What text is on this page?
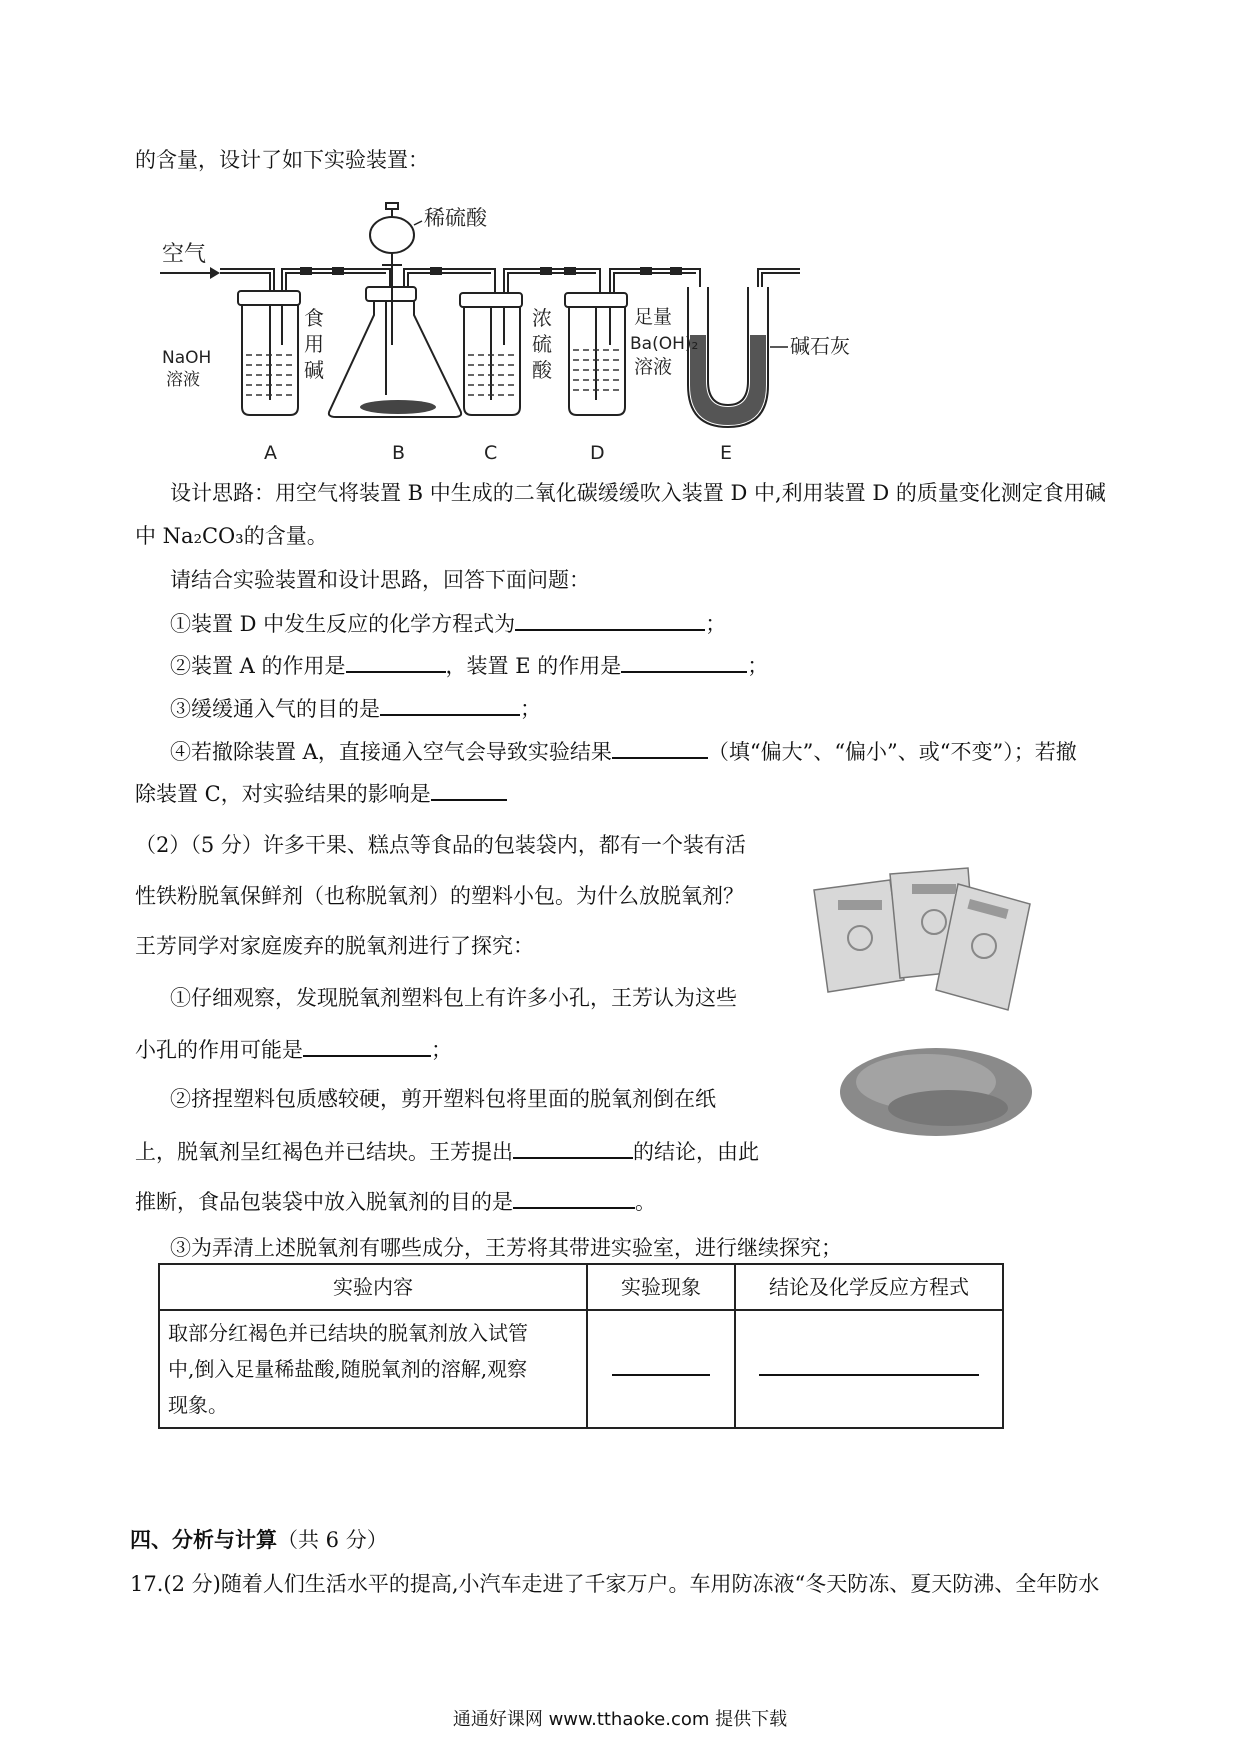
的含量，设计了如下实验装置：
空气
稀硫酸
NaOH
溶液
食
用
碱
浓
硫
酸
足量
Ba(OH)₂
溶液
碱石灰
A	B	C	D	E
设计思路：用空气将装置 B 中生成的二氧化碳缓缓吹入装置 D 中,利用装置 D 的质量变化测定食用碱
中 Na₂CO₃的含量。
请结合实验装置和设计思路，回答下面问题：
①装置 D 中发生反应的化学方程式为	；
②装置 A 的作用是	，装置 E 的作用是	；
③缓缓通入气的目的是	；
④若撤除装置 A，直接通入空气会导致实验结果	（填“偏大”、“偏小”、或“不变”）；若撤
除装置 C，对实验结果的影响是
（2）（5 分）许多干果、糕点等食品的包装袋内，都有一个装有活
性铁粉脱氧保鲜剂（也称脱氧剂）的塑料小包。为什么放脱氧剂？
王芳同学对家庭废弃的脱氧剂进行了探究：
①仔细观察，发现脱氧剂塑料包上有许多小孔，王芳认为这些
小孔的作用可能是	；
②挤捏塑料包质感较硬，剪开塑料包将里面的脱氧剂倒在纸
上，脱氧剂呈红褐色并已结块。王芳提出	的结论，由此
推断，食品包装袋中放入脱氧剂的目的是	。
③为弄清上述脱氧剂有哪些成分，王芳将其带进实验室，进行继续探究；
实验内容	实验现象	结论及化学反应方程式

取部分红褐色并已结块的脱氧剂放入试管
中,倒入足量稀盐酸,随脱氧剂的溶解,观察
现象。		

四、分析与计算（共 6 分）
17.(2 分)随着人们生活水平的提高,小汽车走进了千家万户。车用防冻液“冬天防冻、夏天防沸、全年防水
通通好课网 www.tthaoke.com 提供下载
